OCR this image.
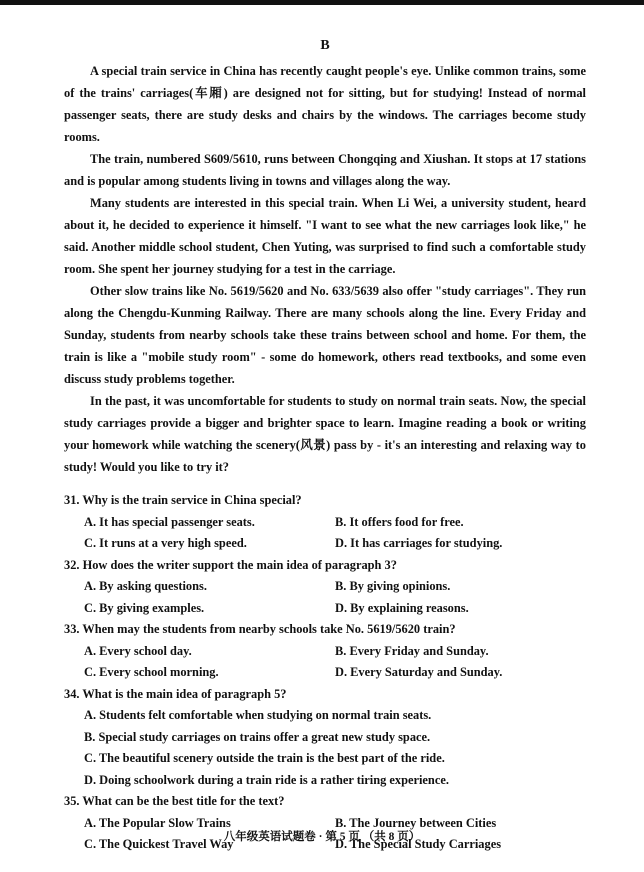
B

A special train service in China has recently caught people's eye. Unlike common trains, some of the trains' carriages(车厢) are designed not for sitting, but for studying! Instead of normal passenger seats, there are study desks and chairs by the windows. The carriages become study rooms.

The train, numbered S609/5610, runs between Chongqing and Xiushan. It stops at 17 stations and is popular among students living in towns and villages along the way.

Many students are interested in this special train. When Li Wei, a university student, heard about it, he decided to experience it himself. "I want to see what the new carriages look like," he said. Another middle school student, Chen Yuting, was surprised to find such a comfortable study room. She spent her journey studying for a test in the carriage.

Other slow trains like No. 5619/5620 and No. 633/5639 also offer "study carriages". They run along the Chengdu-Kunming Railway. There are many schools along the line. Every Friday and Sunday, students from nearby schools take these trains between school and home. For them, the train is like a "mobile study room" - some do homework, others read textbooks, and some even discuss study problems together.

In the past, it was uncomfortable for students to study on normal train seats. Now, the special study carriages provide a bigger and brighter space to learn. Imagine reading a book or writing your homework while watching the scenery(风景) pass by - it's an interesting and relaxing way to study! Would you like to try it?

31. Why is the train service in China special?
A. It has special passenger seats.	B. It offers food for free.
C. It runs at a very high speed.	D. It has carriages for studying.
32. How does the writer support the main idea of paragraph 3?
A. By asking questions.	B. By giving opinions.
C. By giving examples.	D. By explaining reasons.
33. When may the students from nearby schools take No. 5619/5620 train?
A. Every school day.	B. Every Friday and Sunday.
C. Every school morning.	D. Every Saturday and Sunday.
34. What is the main idea of paragraph 5?
A. Students felt comfortable when studying on normal train seats.
B. Special study carriages on trains offer a great new study space.
C. The beautiful scenery outside the train is the best part of the ride.
D. Doing schoolwork during a train ride is a rather tiring experience.
35. What can be the best title for the text?
A. The Popular Slow Trains	B. The Journey between Cities
C. The Quickest Travel Way	D. The Special Study Carriages
八年级英语试题卷 · 第 5 页 （共 8 页）
